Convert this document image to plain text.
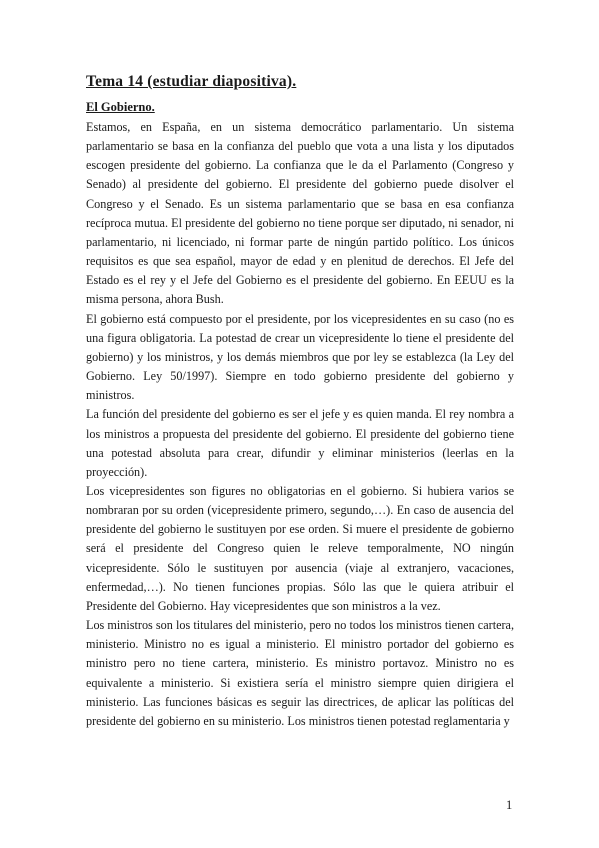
Tema 14 (estudiar diapositiva).
El Gobierno.

Estamos, en España, en un sistema democrático parlamentario. Un sistema parlamentario se basa en la confianza del pueblo que vota a una lista y los diputados escogen presidente del gobierno. La confianza que le da el Parlamento (Congreso y Senado) al presidente del gobierno. El presidente del gobierno puede disolver el Congreso y el Senado. Es un sistema parlamentario que se basa en esa confianza recíproca mutua. El presidente del gobierno no tiene porque ser diputado, ni senador, ni parlamentario, ni licenciado, ni formar parte de ningún partido político. Los únicos requisitos es que sea español, mayor de edad y en plenitud de derechos. El Jefe del Estado es el rey y el Jefe del Gobierno es el presidente del gobierno. En EEUU es la misma persona, ahora Bush.

El gobierno está compuesto por el presidente, por los vicepresidentes en su caso (no es una figura obligatoria. La potestad de crear un vicepresidente lo tiene el presidente del gobierno) y los ministros, y los demás miembros que por ley se establezca (la Ley del Gobierno. Ley 50/1997). Siempre en todo gobierno presidente del gobierno y ministros.

La función del presidente del gobierno es ser el jefe y es quien manda. El rey nombra a los ministros a propuesta del presidente del gobierno. El presidente del gobierno tiene una potestad absoluta para crear, difundir y eliminar ministerios (leerlas en la proyección).

Los vicepresidentes son figures no obligatorias en el gobierno. Si hubiera varios se nombraran por su orden (vicepresidente primero, segundo,…). En caso de ausencia del presidente del gobierno le sustituyen por ese orden. Si muere el presidente de gobierno será el presidente del Congreso quien le releve temporalmente, NO ningún vicepresidente. Sólo le sustituyen por ausencia (viaje al extranjero, vacaciones, enfermedad,…). No tienen funciones propias. Sólo las que le quiera atribuir el Presidente del Gobierno. Hay vicepresidentes que son ministros a la vez.

Los ministros son los titulares del ministerio, pero no todos los ministros tienen cartera, ministerio. Ministro no es igual a ministerio. El ministro portador del gobierno es ministro pero no tiene cartera, ministerio. Es ministro portavoz. Ministro no es equivalente a ministerio. Si existiera sería el ministro siempre quien dirigiera el ministerio. Las funciones básicas es seguir las directrices, de aplicar las políticas del presidente del gobierno en su ministerio. Los ministros tienen potestad reglamentaria y

1
